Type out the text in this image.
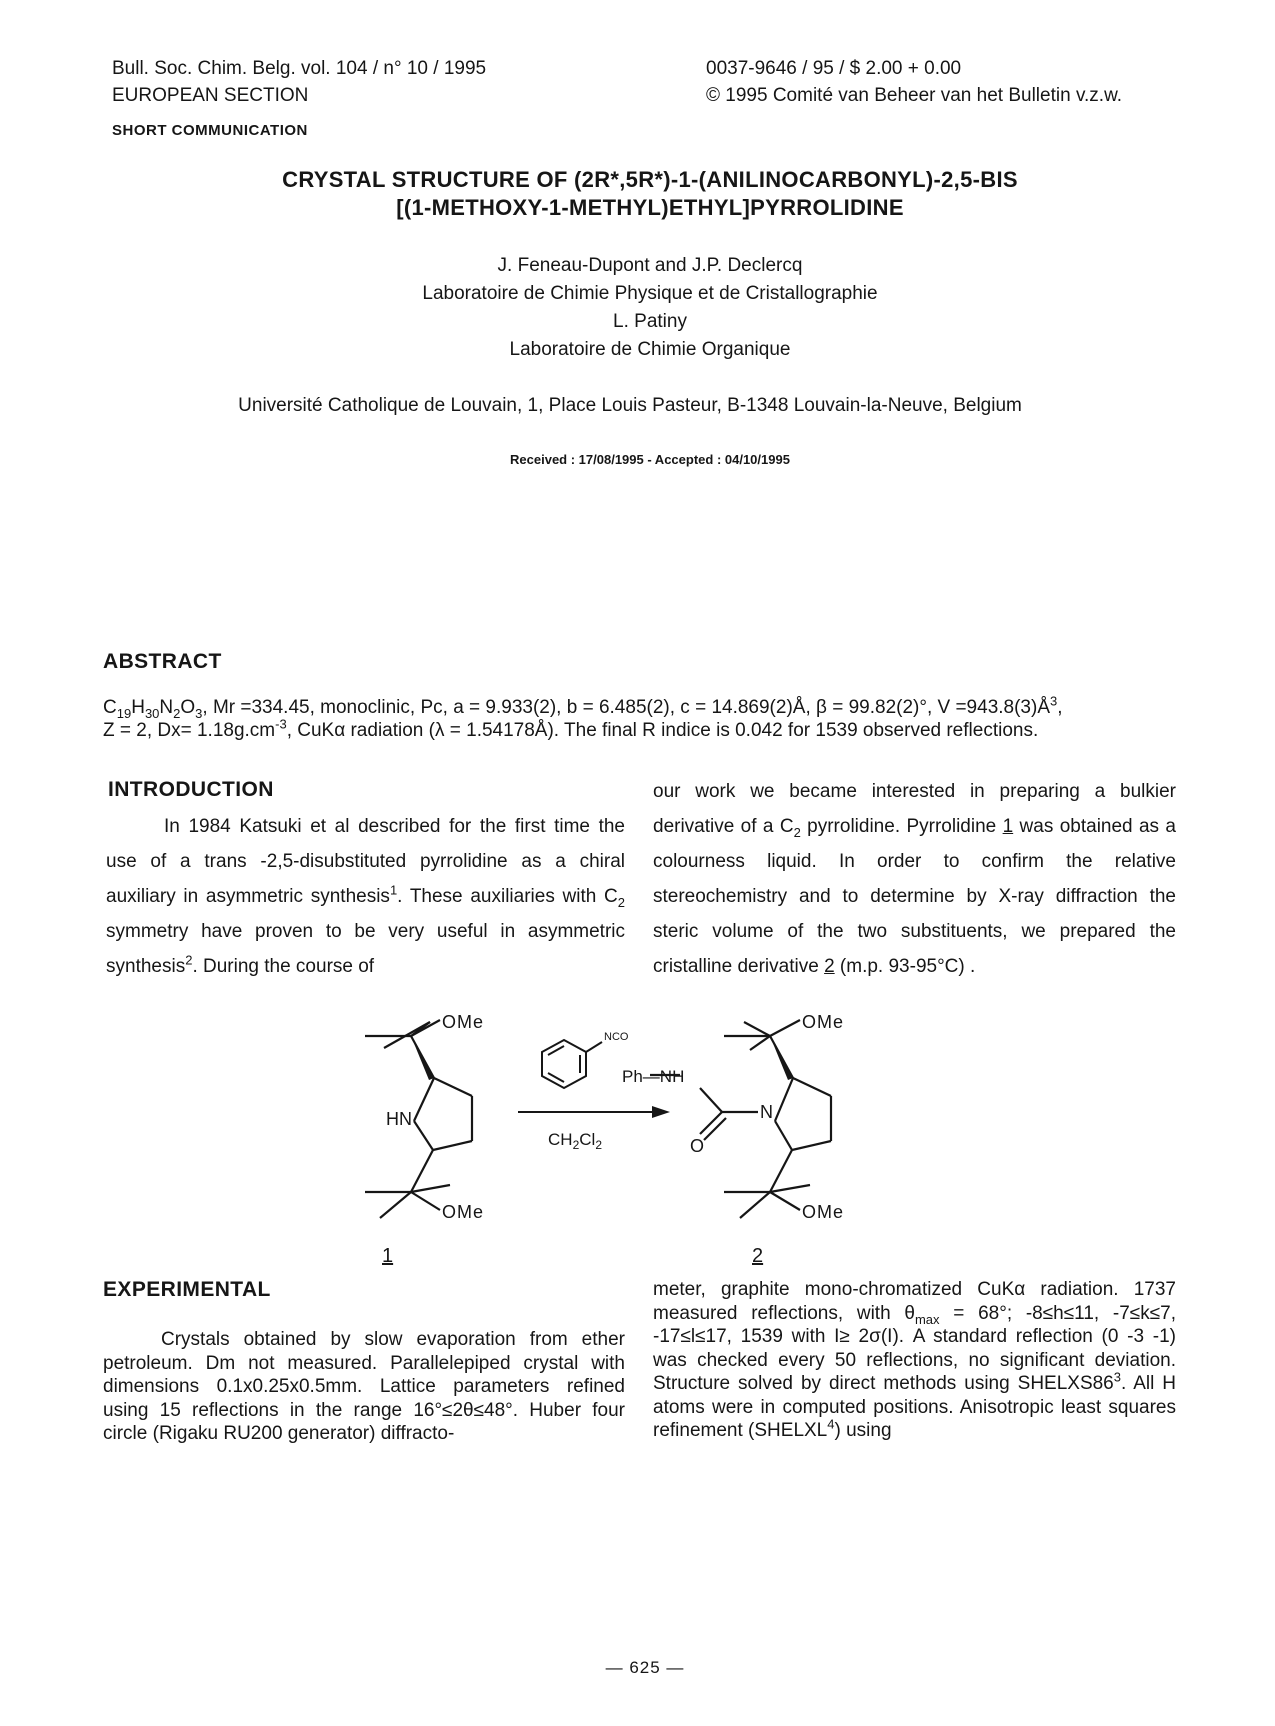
Bull. Soc. Chim. Belg. vol. 104 / n° 10 / 1995
EUROPEAN SECTION
SHORT COMMUNICATION
0037-9646 / 95 / $ 2.00 + 0.00
© 1995 Comité van Beheer van het Bulletin v.z.w.
CRYSTAL STRUCTURE OF (2R*,5R*)-1-(ANILINOCARBONYL)-2,5-BIS
[(1-METHOXY-1-METHYL)ETHYL]PYRROLIDINE
J. Feneau-Dupont and J.P. Declercq
Laboratoire de Chimie Physique et de Cristallographie
L. Patiny
Laboratoire de Chimie Organique
Université Catholique de Louvain, 1, Place Louis Pasteur, B-1348 Louvain-la-Neuve, Belgium
Received : 17/08/1995 - Accepted : 04/10/1995
ABSTRACT
$C_{19}H_{30}N_2O_3$, Mr =334.45, monoclinic, Pc, a = 9.933(2), b = 6.485(2), c = 14.869(2)Å, β = 99.82(2)°, $V =943.8(3)Å^3$,
Z = 2, $Dx= 1.18g.cm^{-3}$, CuKα radiation (λ = 1.54178Å). The final R indice is 0.042 for 1539 observed reflections.
INTRODUCTION
In 1984 Katsuki et al described for the first time the use of a trans -2,5-disubstituted pyrrolidine as a chiral auxiliary in asymmetric synthesis$^1$. These auxiliaries with $C_2$ symmetry have proven to be very useful in asymmetric synthesis$^2$. During the course of
our work we became interested in preparing a bulkier derivative of a $C_2$ pyrrolidine. Pyrrolidine 1 was obtained as a colourness liquid. In order to confirm the relative stereochemistry and to determine by X-ray diffraction the steric volume of the two substituents, we prepared the cristalline derivative 2 (m.p. 93-95°C) .
OMe
HN
OMe
1
NCO
$CH_2Cl_2$
OMe
Ph—NH
N
O
OMe
2
EXPERIMENTAL
Crystals obtained by slow evaporation from ether petroleum. Dm not measured. Parallelepiped crystal with dimensions 0.1x0.25x0.5mm. Lattice parameters refined using 15 reflections in the range 16°≤2θ≤48°. Huber four circle (Rigaku RU200 generator) diffracto-
meter, graphite mono-chromatized CuKα radiation. 1737 measured reflections, with $\theta_{max} = 68^\circ$; -8≤h≤11, -7≤k≤7, -17≤l≤17, 1539 with I≥ 2σ(I). A standard reflection (0 -3 -1) was checked every 50 reflections, no significant deviation. Structure solved by direct methods using $SHELXS86^3$. All H atoms were in computed positions. Anisotropic least squares refinement (SHELXL$^4$) using
— 625 —
